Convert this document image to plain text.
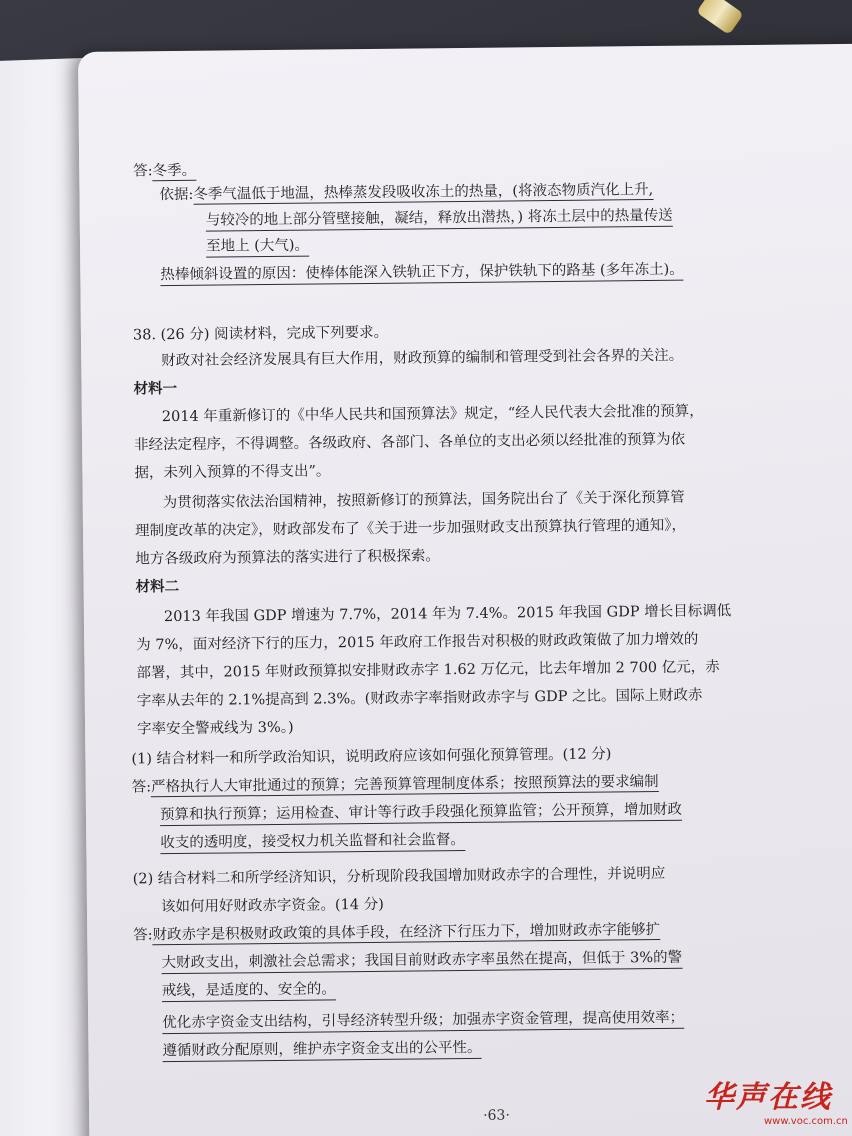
答:冬季。
依据:冬季气温低于地温，热棒蒸发段吸收冻土的热量，(将液态物质汽化上升,
与较冷的地上部分管壁接触，凝结，释放出潜热，) 将冻土层中的热量传送
至地上 (大气)。
热棒倾斜设置的原因：使棒体能深入铁轨正下方，保护铁轨下的路基 (多年冻土)。
38. (26 分) 阅读材料，完成下列要求。
财政对社会经济发展具有巨大作用，财政预算的编制和管理受到社会各界的关注。
材料一
2014 年重新修订的《中华人民共和国预算法》规定，“经人民代表大会批准的预算，
非经法定程序，不得调整。各级政府、各部门、各单位的支出必须以经批准的预算为依
据，未列入预算的不得支出”。
为贯彻落实依法治国精神，按照新修订的预算法，国务院出台了《关于深化预算管
理制度改革的决定》，财政部发布了《关于进一步加强财政支出预算执行管理的通知》，
地方各级政府为预算法的落实进行了积极探索。
材料二
2013 年我国 GDP 增速为 7.7%，2014 年为 7.4%。2015 年我国 GDP 增长目标调低
为 7%，面对经济下行的压力，2015 年政府工作报告对积极的财政政策做了加力增效的
部署，其中，2015 年财政预算拟安排财政赤字 1.62 万亿元，比去年增加 2 700 亿元，赤
字率从去年的 2.1%提高到 2.3%。(财政赤字率指财政赤字与 GDP 之比。国际上财政赤
字率安全警戒线为 3%。)
(1) 结合材料一和所学政治知识，说明政府应该如何强化预算管理。(12 分)
答:严格执行人大审批通过的预算；完善预算管理制度体系；按照预算法的要求编制
预算和执行预算；运用检查、审计等行政手段强化预算监管；公开预算，增加财政
收支的透明度，接受权力机关监督和社会监督。
(2) 结合材料二和所学经济知识，分析现阶段我国增加财政赤字的合理性，并说明应
该如何用好财政赤字资金。(14 分)
答:财政赤字是积极财政政策的具体手段，在经济下行压力下，增加财政赤字能够扩
大财政支出，刺激社会总需求；我国目前财政赤字率虽然在提高，但低于 3%的警
戒线，是适度的、安全的。
优化赤字资金支出结构，引导经济转型升级；加强赤字资金管理，提高使用效率；
遵循财政分配原则，维护赤字资金支出的公平性。
·63·
华声在线
www.voc.com.cn
